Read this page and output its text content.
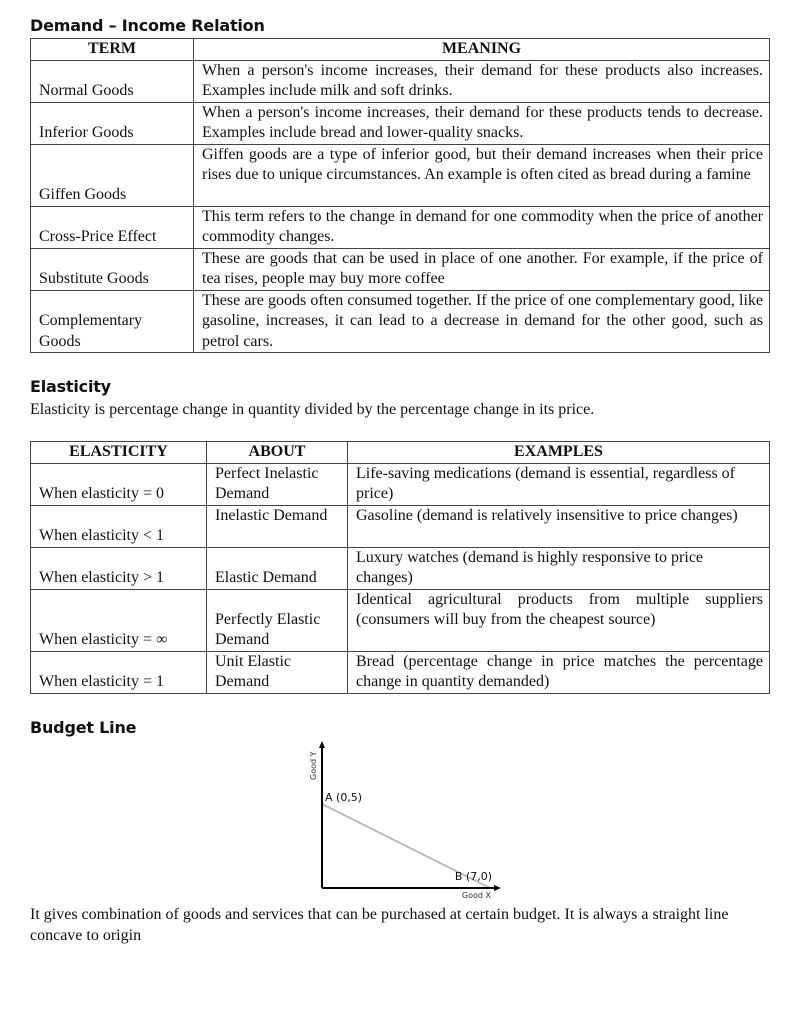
Demand – Income Relation
TERM	MEANING
Normal Goods	When a person's income increases, their demand for these products also increases. Examples include milk and soft drinks.
Inferior Goods	When a person's income increases, their demand for these products tends to decrease. Examples include bread and lower-quality snacks.
Giffen Goods	Giffen goods are a type of inferior good, but their demand increases when their price rises due to unique circumstances. An example is often cited as bread during a famine
Cross-Price Effect	This term refers to the change in demand for one commodity when the price of another commodity changes.
Substitute Goods	These are goods that can be used in place of one another. For example, if the price of tea rises, people may buy more coffee
Complementary Goods	These are goods often consumed together. If the price of one complementary good, like gasoline, increases, it can lead to a decrease in demand for the other good, such as petrol cars.
Elasticity

Elasticity is percentage change in quantity divided by the percentage change in its price.

ELASTICITY	ABOUT	EXAMPLES
When elasticity = 0	Perfect Inelastic Demand	Life-saving medications (demand is essential, regardless of price)
When elasticity < 1	Inelastic Demand	Gasoline (demand is relatively insensitive to price changes)
When elasticity > 1	Elastic Demand	Luxury watches (demand is highly responsive to price changes)
When elasticity = ∞	Perfectly Elastic Demand	Identical agricultural products from multiple suppliers (consumers will buy from the cheapest source)
When elasticity = 1	Unit Elastic Demand	Bread (percentage change in price matches the percentage change in quantity demanded)
Budget Line
Good Y
Good X
A (0,5)
B (7,0)

It gives combination of goods and services that can be purchased at certain budget. It is always a straight line concave to origin
